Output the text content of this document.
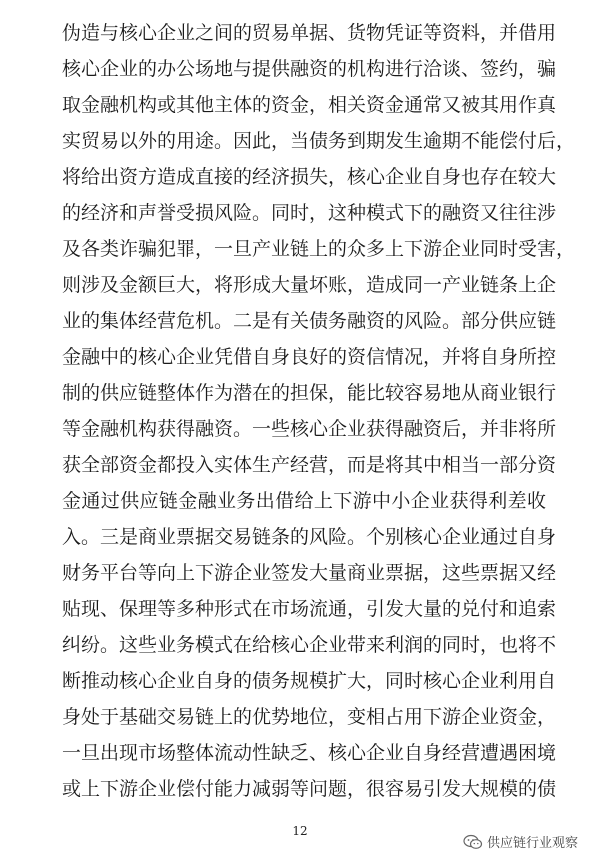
伪造与核心企业之间的贸易单据、货物凭证等资料，并借用
核心企业的办公场地与提供融资的机构进行洽谈、签约，骗
取金融机构或其他主体的资金，相关资金通常又被其用作真
实贸易以外的用途。因此，当债务到期发生逾期不能偿付后，
将给出资方造成直接的经济损失，核心企业自身也存在较大
的经济和声誉受损风险。同时，这种模式下的融资又往往涉
及各类诈骗犯罪，一旦产业链上的众多上下游企业同时受害，
则涉及金额巨大，将形成大量坏账，造成同一产业链条上企
业的集体经营危机。二是有关债务融资的风险。部分供应链
金融中的核心企业凭借自身良好的资信情况，并将自身所控
制的供应链整体作为潜在的担保，能比较容易地从商业银行
等金融机构获得融资。一些核心企业获得融资后，并非将所
获全部资金都投入实体生产经营，而是将其中相当一部分资
金通过供应链金融业务出借给上下游中小企业获得利差收
入。三是商业票据交易链条的风险。个别核心企业通过自身
财务平台等向上下游企业签发大量商业票据，这些票据又经
贴现、保理等多种形式在市场流通，引发大量的兑付和追索
纠纷。这些业务模式在给核心企业带来利润的同时，也将不
断推动核心企业自身的债务规模扩大，同时核心企业利用自
身处于基础交易链上的优势地位，变相占用下游企业资金，
一旦出现市场整体流动性缺乏、核心企业自身经营遭遇困境
或上下游企业偿付能力减弱等问题，很容易引发大规模的债
12
供应链行业观察
